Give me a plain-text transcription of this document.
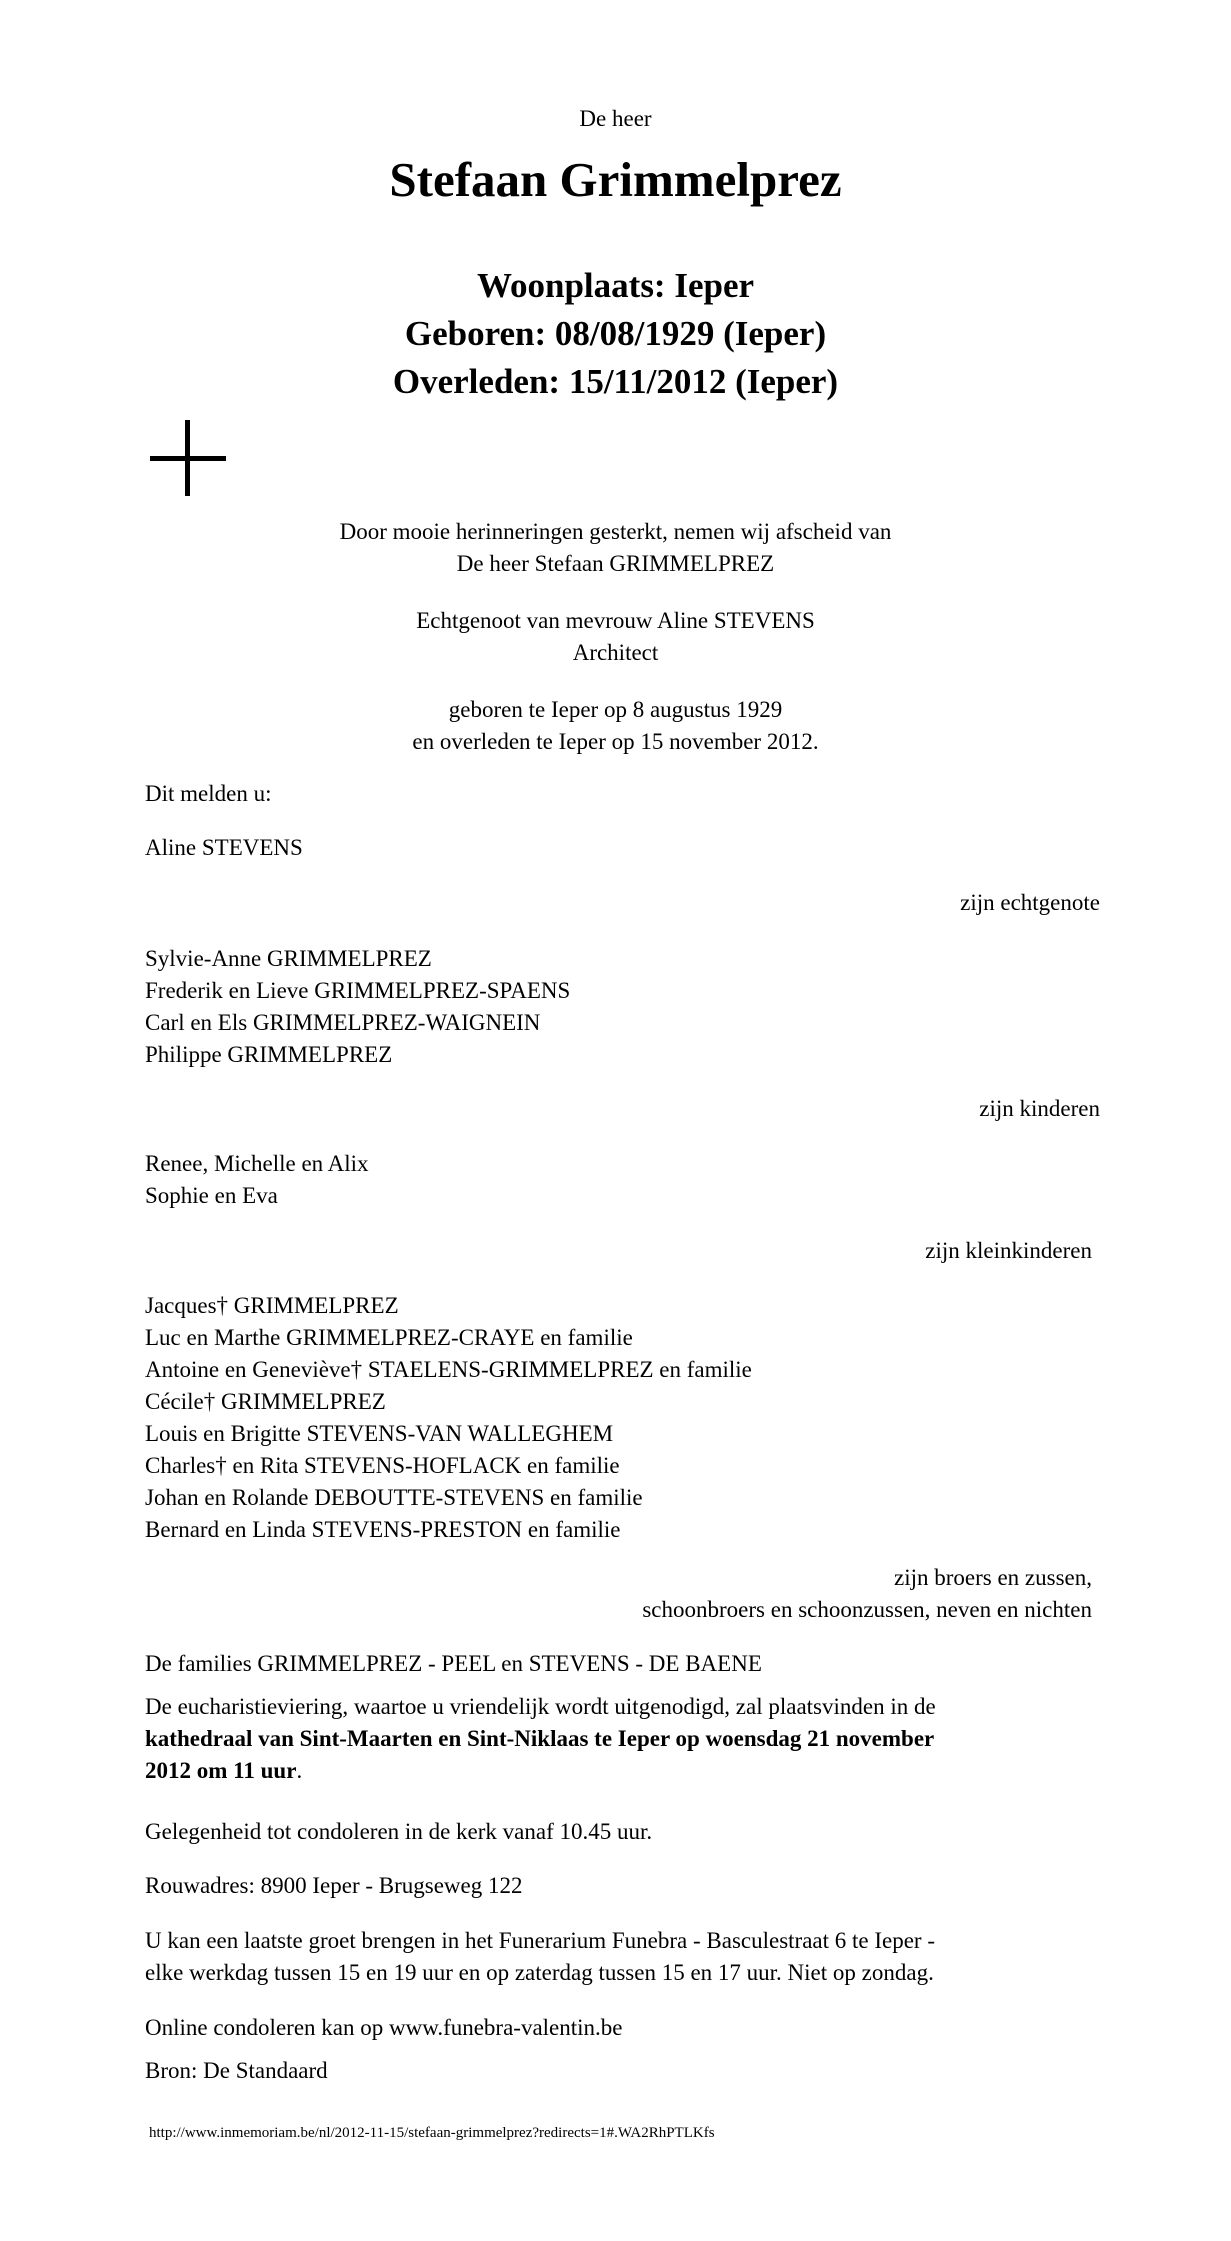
De heer
Stefaan Grimmelprez
Woonplaats: Ieper
Geboren: 08/08/1929 (Ieper)
Overleden: 15/11/2012 (Ieper)
Door mooie herinneringen gesterkt, nemen wij afscheid van
De heer Stefaan GRIMMELPREZ
Echtgenoot van mevrouw Aline STEVENS
Architect
geboren te Ieper op 8 augustus 1929
en overleden te Ieper op 15 november 2012.
Dit melden u:
Aline STEVENS
zijn echtgenote
Sylvie-Anne GRIMMELPREZ
Frederik en Lieve GRIMMELPREZ-SPAENS
Carl en Els GRIMMELPREZ-WAIGNEIN
Philippe GRIMMELPREZ
zijn kinderen
Renee, Michelle en Alix
Sophie en Eva
zijn kleinkinderen
Jacques† GRIMMELPREZ
Luc en Marthe GRIMMELPREZ-CRAYE en familie
Antoine en Geneviève† STAELENS-GRIMMELPREZ en familie
Cécile† GRIMMELPREZ
Louis en Brigitte STEVENS-VAN WALLEGHEM
Charles† en Rita STEVENS-HOFLACK en familie
Johan en Rolande DEBOUTTE-STEVENS en familie
Bernard en Linda STEVENS-PRESTON en familie
zijn broers en zussen,
schoonbroers en schoonzussen, neven en nichten
De families GRIMMELPREZ - PEEL en STEVENS - DE BAENE
De eucharistieviering, waartoe u vriendelijk wordt uitgenodigd, zal plaatsvinden in de
kathedraal van Sint-Maarten en Sint-Niklaas te Ieper op woensdag 21 november
2012 om 11 uur.
Gelegenheid tot condoleren in de kerk vanaf 10.45 uur.
Rouwadres: 8900 Ieper - Brugseweg 122
U kan een laatste groet brengen in het Funerarium Funebra - Basculestraat 6 te Ieper -
elke werkdag tussen 15 en 19 uur en op zaterdag tussen 15 en 17 uur. Niet op zondag.
Online condoleren kan op www.funebra-valentin.be
Bron: De Standaard
http://www.inmemoriam.be/nl/2012-11-15/stefaan-grimmelprez?redirects=1#.WA2RhPTLKfs
